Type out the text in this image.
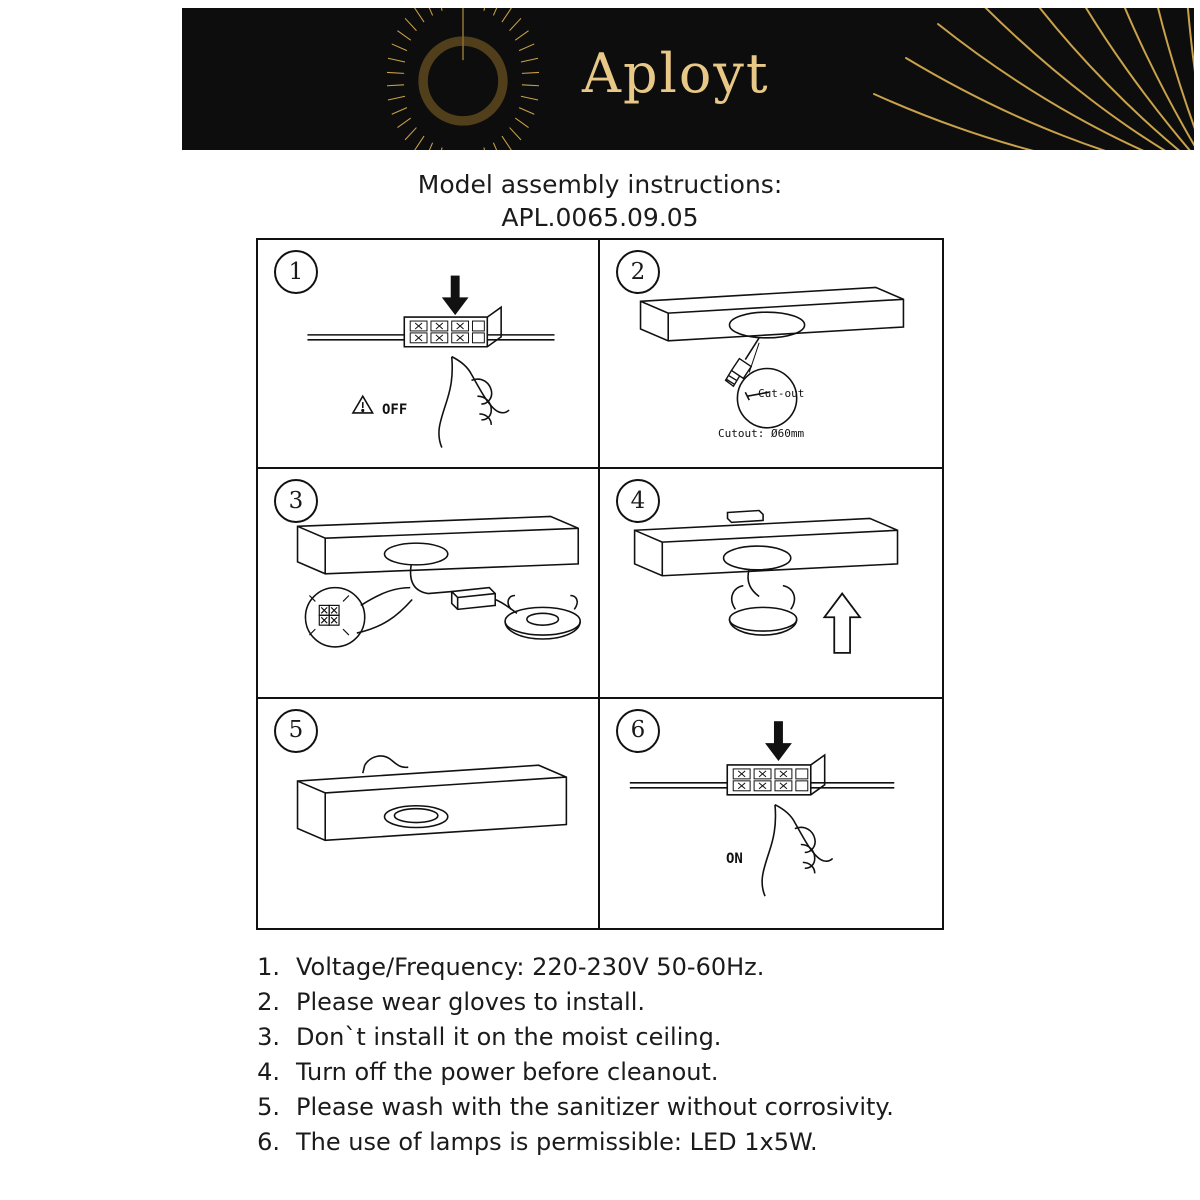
Aployt
Model assembly instructions:
APL.0065.09.05
1
OFF
2
Cut-out
Cutout: Ø60mm
3	4
5	6
ON
1. Voltage/Frequency: 220-230V 50-60Hz.
2. Please wear gloves to install.
3. Don`t install it on the moist ceiling.
4. Turn off the power before cleanout.
5. Please wash with the sanitizer without corrosivity.
6. The use of lamps is permissible: LED 1x5W.
